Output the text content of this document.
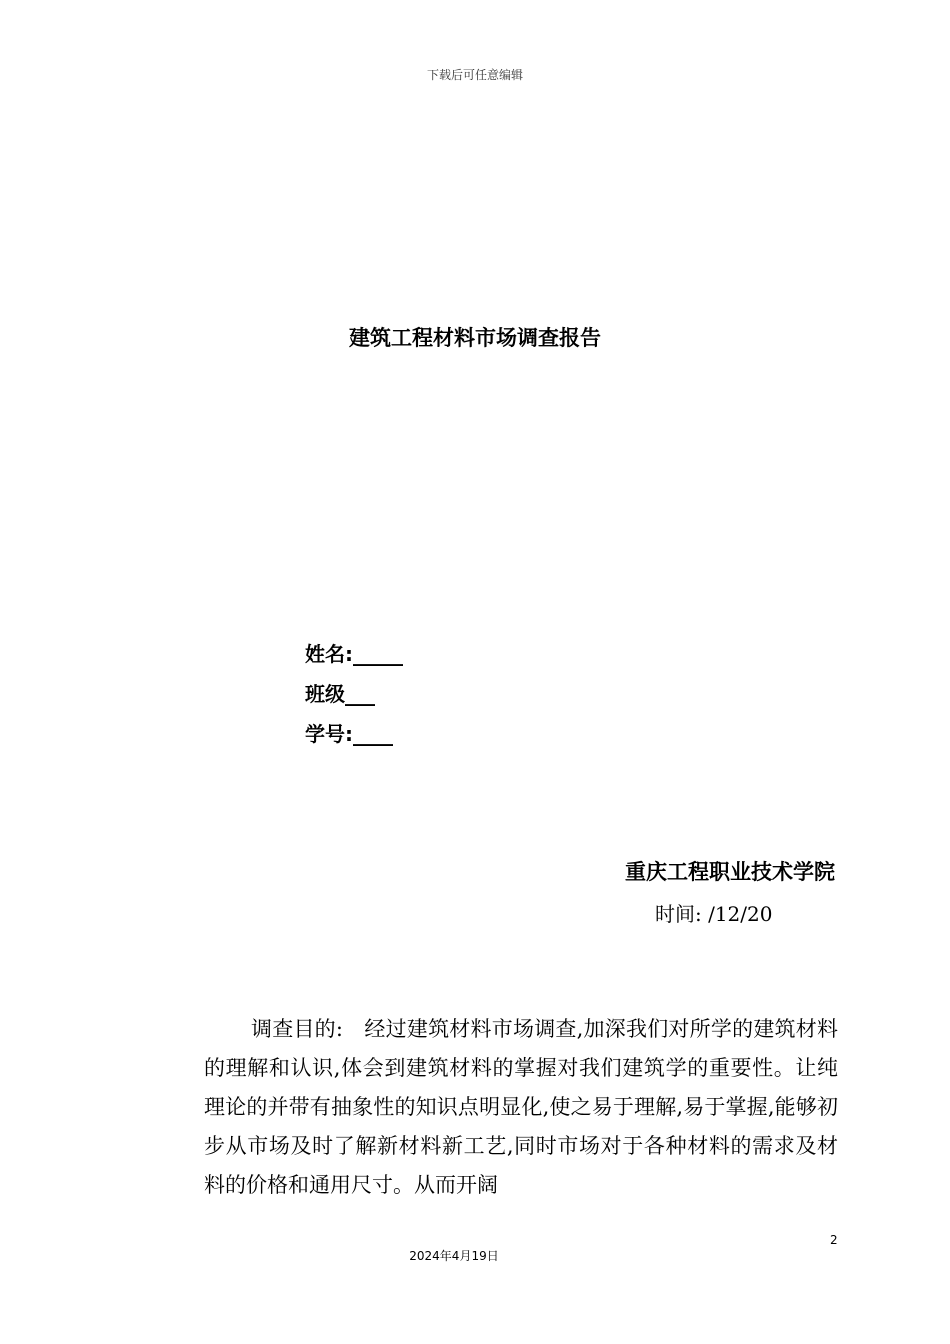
下载后可任意编辑
建筑工程材料市场调查报告
姓名:_____
班级___
学号:____
重庆工程职业技术学院
时间: /12/20
调查目的:　经过建筑材料市场调查,加深我们对所学的建筑材料的理解和认识,体会到建筑材料的掌握对我们建筑学的重要性。让纯理论的并带有抽象性的知识点明显化,使之易于理解,易于掌握,能够初步从市场及时了解新材料新工艺,同时市场对于各种材料的需求及材料的价格和通用尺寸。从而开阔
2
2024年4月19日
